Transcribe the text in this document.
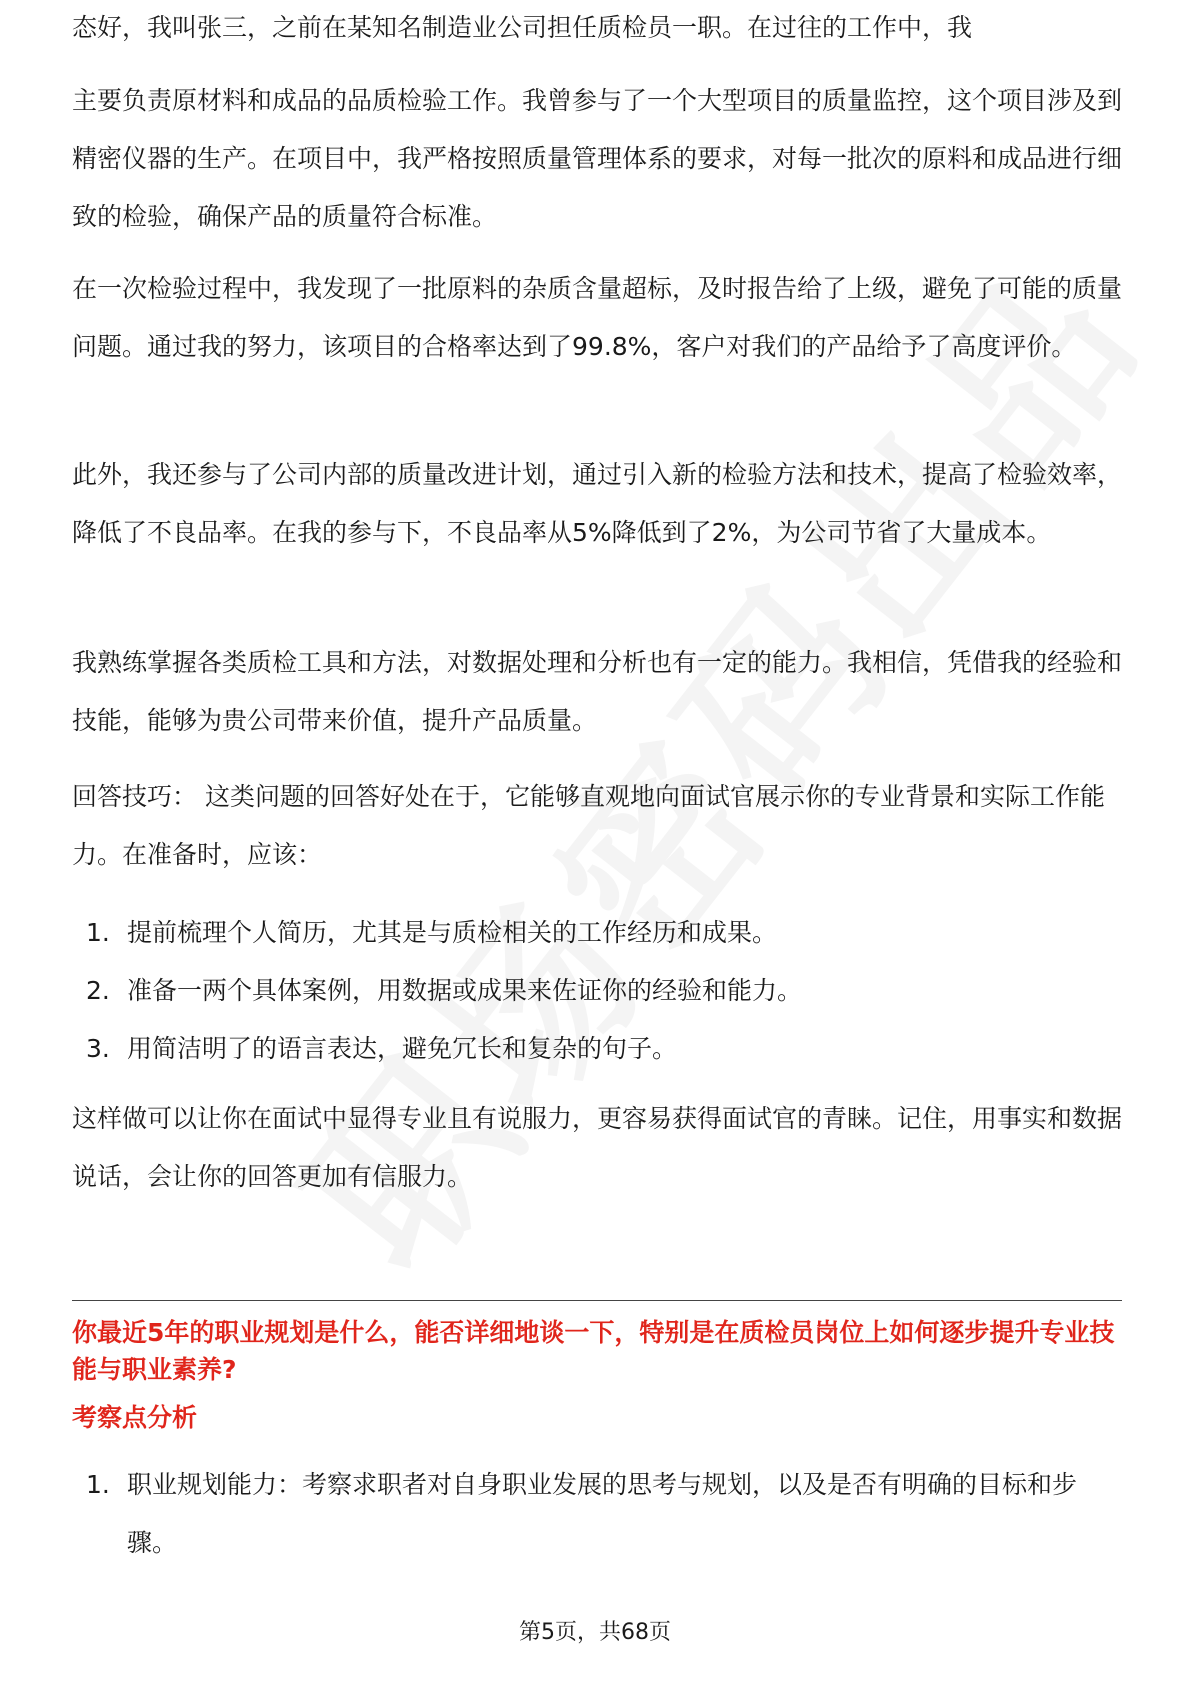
态好，我叫张三，之前在某知名制造业公司担任质检员一职。在过往的工作中，我

主要负责原材料和成品的品质检验工作。我曾参与了一个大型项目的质量监控，这个项目涉及到精密仪器的生产。在项目中，我严格按照质量管理体系的要求，对每一批次的原料和成品进行细致的检验，确保产品的质量符合标准。

在一次检验过程中，我发现了一批原料的杂质含量超标，及时报告给了上级，避免了可能的质量问题。通过我的努力，该项目的合格率达到了99.8%，客户对我们的产品给予了高度评价。

此外，我还参与了公司内部的质量改进计划，通过引入新的检验方法和技术，提高了检验效率，降低了不良品率。在我的参与下，不良品率从5%降低到了2%，为公司节省了大量成本。

我熟练掌握各类质检工具和方法，对数据处理和分析也有一定的能力。我相信，凭借我的经验和技能，能够为贵公司带来价值，提升产品质量。

回答技巧： 这类问题的回答好处在于，它能够直观地向面试官展示你的专业背景和实际工作能力。在准备时，应该：

1. 提前梳理个人简历，尤其是与质检相关的工作经历和成果。
2. 准备一两个具体案例，用数据或成果来佐证你的经验和能力。
3. 用简洁明了的语言表达，避免冗长和复杂的句子。

这样做可以让你在面试中显得专业且有说服力，更容易获得面试官的青睐。记住，用事实和数据说话，会让你的回答更加有信服力。

你最近5年的职业规划是什么，能否详细地谈一下，特别是在质检员岗位上如何逐步提升专业技能与职业素养?

考察点分析

1. 职业规划能力：考察求职者对自身职业发展的思考与规划，以及是否有明确的目标和步骤。
第5页，共68页
